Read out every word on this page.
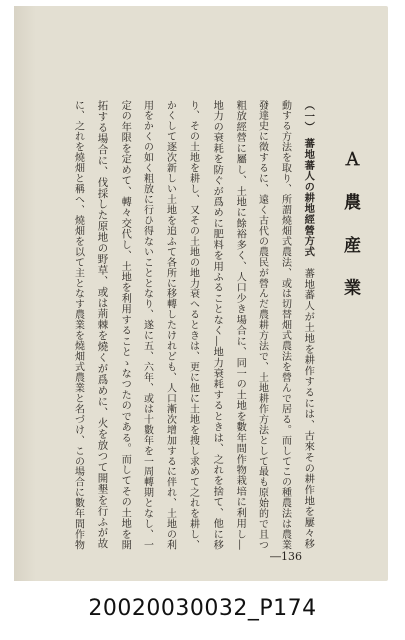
Ａ 農 産 業
（一）　蕃地蕃人の耕地經營方式　蕃地蕃人が土地を耕作するには、古來その耕作地を屢々移
動する方法を取り、所謂燒畑式農法、或は切替畑式農法を營んで居る。而してこの種農法は農業
發達史に徵するに、遠く古代の農民が營んだ農耕方法で、土地耕作方法として最も原始的で且つ
粗放經營に屬し、土地に餘裕多く、人口少き場合に、同一の土地を數年間作物栽培に利用し―
地力の衰耗を防ぐが爲めに肥料を用ふることなく―地力衰耗するときは、之れを捨て、他に移
り、その土地を耕し、又その土地の地力衰へるときは、更に他に土地を搜し求めて之れを耕し、
かくして逐次新しい土地を追ふて各所に移轉したけれども、人口漸次增加するに伴れ、土地の利
用をかくの如く粗放に行ひ得ないこととなり、遂に五、六年、或は十數年を一周轉期となし、一
定の年限を定めて、轉々交代し、土地を利用することゝなつたのである。而してその土地を開
拓する場合に、伐採した原地の野草、或は荊棘を燒くが爲めに、火を放つて開墾を行ふが故
に、之れを燒畑と稱へ、燒畑を以て主となす農業を燒畑式農業と名づけ、この場合に數年間作物
―136
20020030032_P174
